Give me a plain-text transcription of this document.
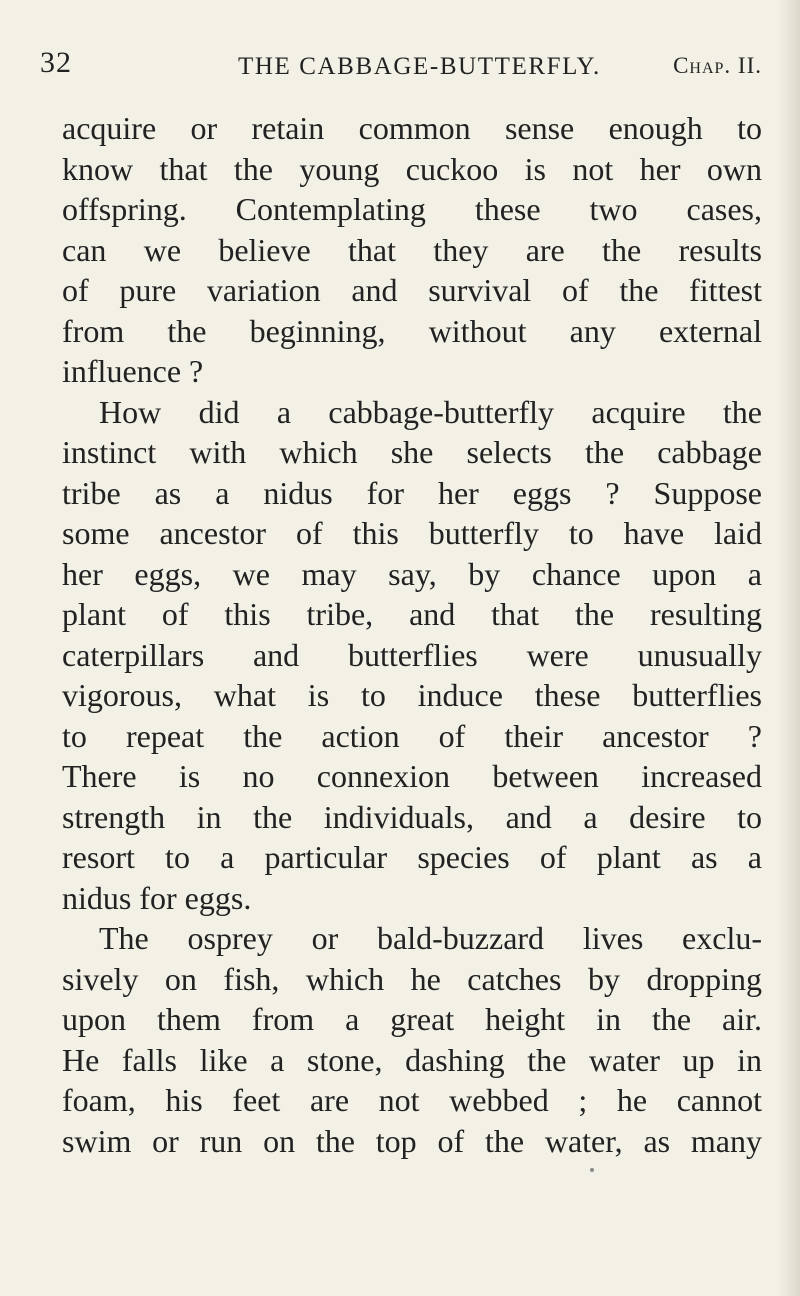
32	THE CABBAGE-BUTTERFLY.	Chap. II.
acquire or retain common sense enough to
know that the young cuckoo is not her own
offspring. Contemplating these two cases,
can we believe that they are the results
of pure variation and survival of the fittest
from the beginning, without any external
influence ?
How did a cabbage-butterfly acquire the
instinct with which she selects the cabbage
tribe as a nidus for her eggs ? Suppose
some ancestor of this butterfly to have laid
her eggs, we may say, by chance upon a
plant of this tribe, and that the resulting
caterpillars and butterflies were unusually
vigorous, what is to induce these butterflies
to repeat the action of their ancestor ?
There is no connexion between increased
strength in the individuals, and a desire to
resort to a particular species of plant as a
nidus for eggs.
The osprey or bald-buzzard lives exclu-
sively on fish, which he catches by dropping
upon them from a great height in the air.
He falls like a stone, dashing the water up in
foam, his feet are not webbed ; he cannot
swim or run on the top of the water, as many
